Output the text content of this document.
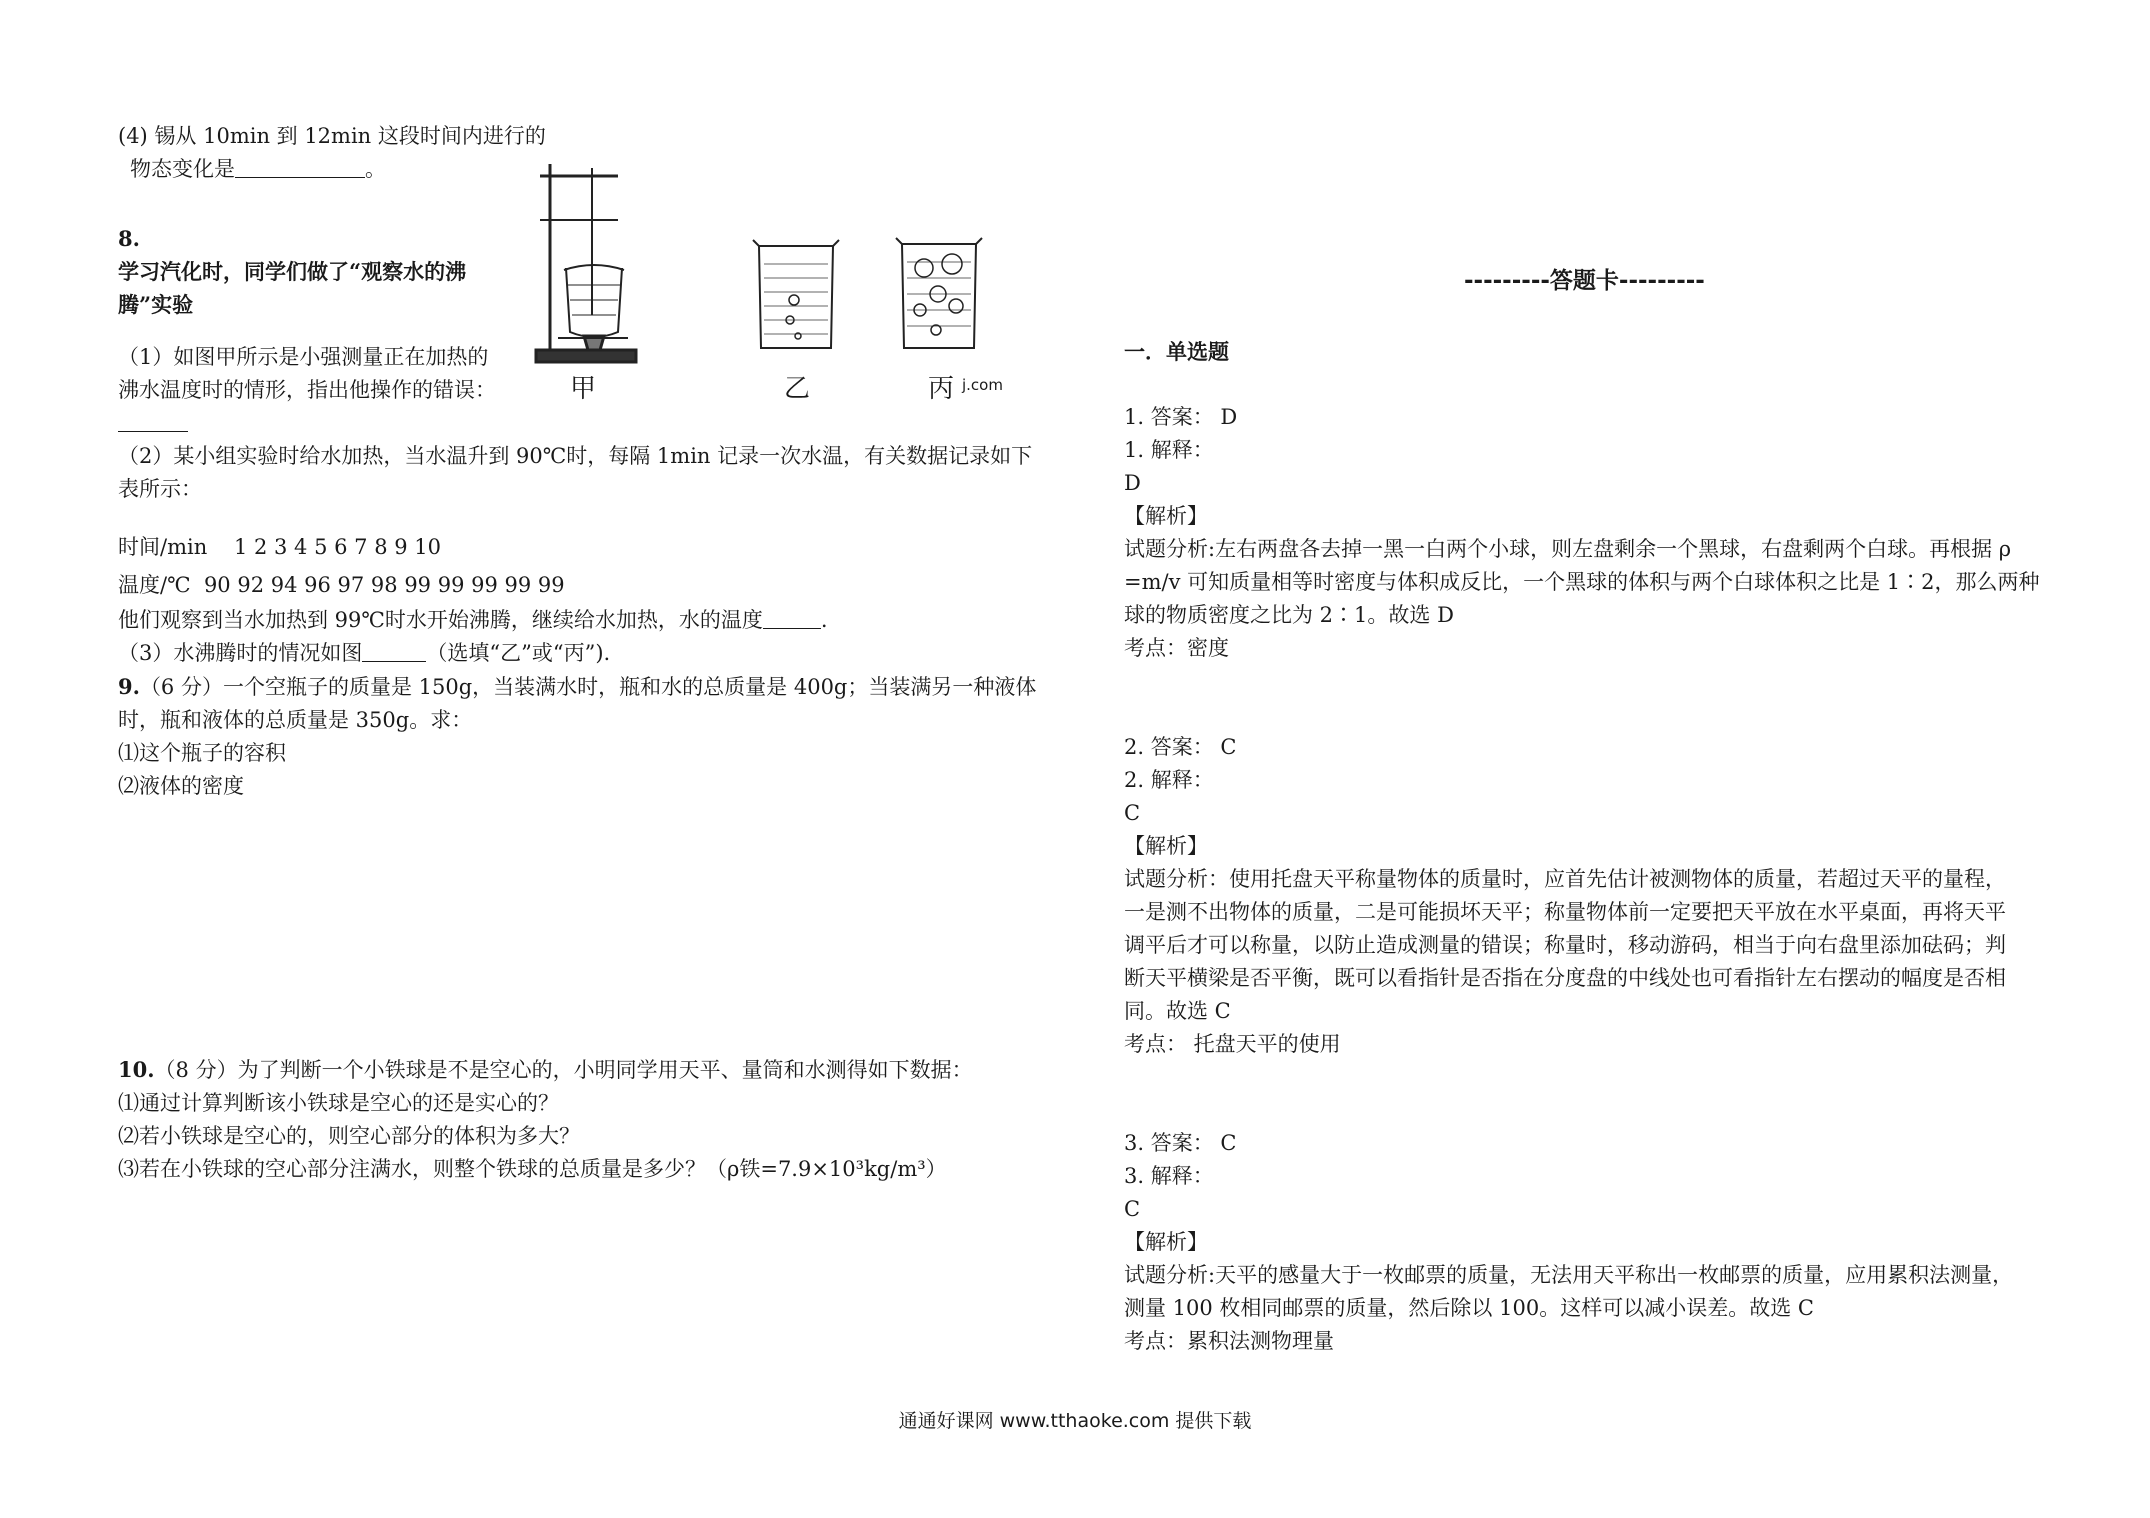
(4) 锡从 10min 到 12min 这段时间内进行的
物态变化是	。
8.
学习汽化时，同学们做了“观察水的沸
腾”实验
（1）如图甲所示是小强测量正在加热的
沸水温度时的情形，指出他操作的错误：
（2）某小组实验时给水加热，当水温升到 90℃时，每隔 1min 记录一次水温，有关数据记录如下
表所示：
时间/min 1 2 3 4 5 6 7 8 9 10
温度/℃ 90 92 94 96 97 98 99 99 99 99 99
他们观察到当水加热到 99℃时水开始沸腾，继续给水加热，水的温度	.
（3）水沸腾时的情况如图	（选填“乙”或“丙”).
9.（6 分）一个空瓶子的质量是 150g，当装满水时，瓶和水的总质量是 400g；当装满另一种液体
时，瓶和液体的总质量是 350g。求：
⑴这个瓶子的容积
⑵液体的密度
10.（8 分）为了判断一个小铁球是不是空心的，小明同学用天平、量筒和水测得如下数据：
⑴通过计算判断该小铁球是空心的还是实心的？
⑵若小铁球是空心的，则空心部分的体积为多大？
⑶若在小铁球的空心部分注满水，则整个铁球的总质量是多少？（ρ铁=7.9×10³kg/m³）
甲	乙	丙 j.com
---------答题卡---------
一．单选题
1. 答案： D
1. 解释：
D
【解析】
试题分析:左右两盘各去掉一黑一白两个小球，则左盘剩余一个黑球，右盘剩两个白球。再根据 ρ
=m/v 可知质量相等时密度与体积成反比，一个黑球的体积与两个白球体积之比是 1∶2，那么两种
球的物质密度之比为 2∶1。故选 D
考点：密度
2. 答案： C
2. 解释：
C
【解析】
试题分析：使用托盘天平称量物体的质量时，应首先估计被测物体的质量，若超过天平的量程，
一是测不出物体的质量，二是可能损坏天平；称量物体前一定要把天平放在水平桌面，再将天平
调平后才可以称量，以防止造成测量的错误；称量时，移动游码，相当于向右盘里添加砝码；判
断天平横梁是否平衡，既可以看指针是否指在分度盘的中线处也可看指针左右摆动的幅度是否相
同。故选 C
考点： 托盘天平的使用
3. 答案： C
3. 解释：
C
【解析】
试题分析:天平的感量大于一枚邮票的质量，无法用天平称出一枚邮票的质量，应用累积法测量，
测量 100 枚相同邮票的质量，然后除以 100。这样可以减小误差。故选 C
考点：累积法测物理量
通通好课网 www.tthaoke.com 提供下载
